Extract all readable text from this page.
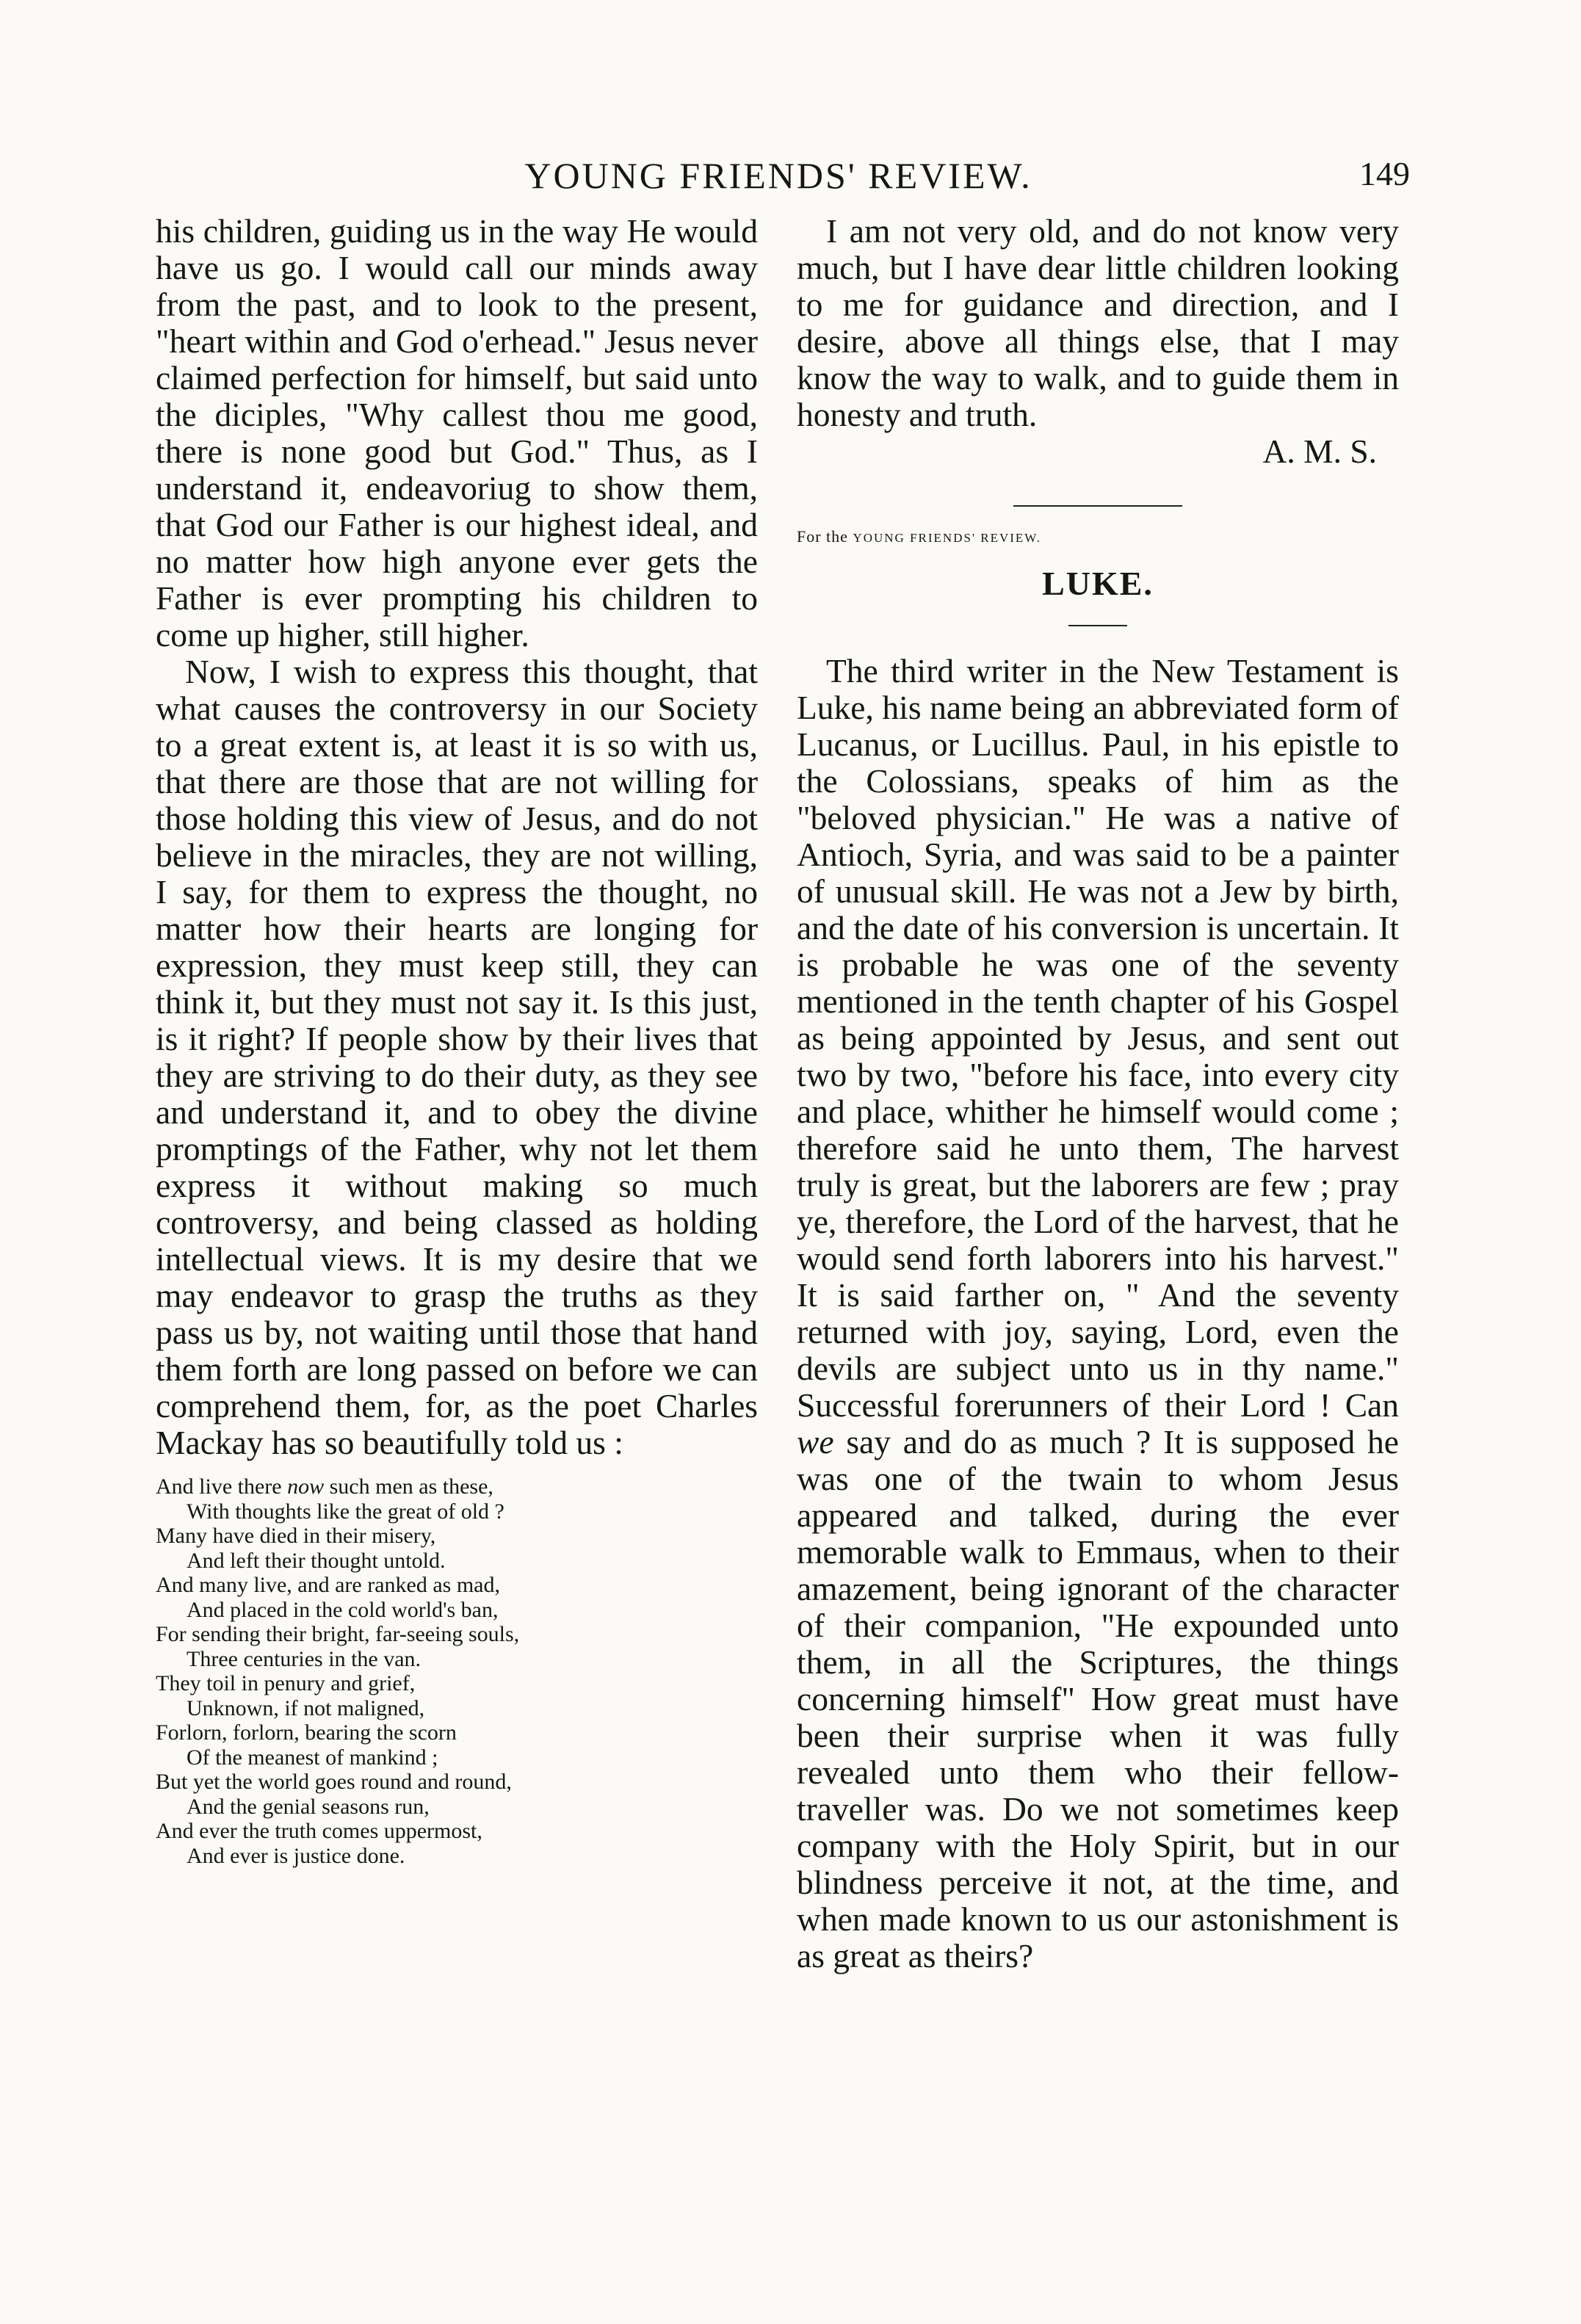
YOUNG FRIENDS' REVIEW.	149

his children, guiding us in the way He would have us go. I would call our minds away from the past, and to look to the present, "heart within and God o'erhead." Jesus never claimed perfection for himself, but said unto the diciples, "Why callest thou me good, there is none good but God." Thus, as I understand it, endeavoriug to show them, that God our Father is our highest ideal, and no matter how high anyone ever gets the Father is ever prompting his children to come up higher, still higher.

Now, I wish to express this thought, that what causes the controversy in our Society to a great extent is, at least it is so with us, that there are those that are not willing for those holding this view of Jesus, and do not believe in the miracles, they are not willing, I say, for them to express the thought, no matter how their hearts are longing for expression, they must keep still, they can think it, but they must not say it. Is this just, is it right? If people show by their lives that they are striving to do their duty, as they see and understand it, and to obey the divine promptings of the Father, why not let them express it without making so much controversy, and being classed as holding intellectual views. It is my desire that we may endeavor to grasp the truths as they pass us by, not waiting until those that hand them forth are long passed on before we can comprehend them, for, as the poet Charles Mackay has so beautifully told us :

And live there now such men as these,
With thoughts like the great of old ?
Many have died in their misery,
And left their thought untold.
And many live, and are ranked as mad,
And placed in the cold world's ban,
For sending their bright, far-seeing souls,
Three centuries in the van.
They toil in penury and grief,
Unknown, if not maligned,
Forlorn, forlorn, bearing the scorn
Of the meanest of mankind ;
But yet the world goes round and round,
And the genial seasons run,
And ever the truth comes uppermost,
And ever is justice done.

I am not very old, and do not know very much, but I have dear little children looking to me for guidance and direction, and I desire, above all things else, that I may know the way to walk, and to guide them in honesty and truth.

A. M. S.

For the YOUNG FRIENDS' REVIEW.

LUKE.

The third writer in the New Testament is Luke, his name being an abbreviated form of Lucanus, or Lucillus. Paul, in his epistle to the Colossians, speaks of him as the "beloved physician." He was a native of Antioch, Syria, and was said to be a painter of unusual skill. He was not a Jew by birth, and the date of his conversion is uncertain. It is probable he was one of the seventy mentioned in the tenth chapter of his Gospel as being appointed by Jesus, and sent out two by two, "before his face, into every city and place, whither he himself would come ; therefore said he unto them, The harvest truly is great, but the laborers are few ; pray ye, therefore, the Lord of the harvest, that he would send forth laborers into his harvest." It is said farther on, " And the seventy returned with joy, saying, Lord, even the devils are subject unto us in thy name." Successful forerunners of their Lord ! Can we say and do as much ? It is supposed he was one of the twain to whom Jesus appeared and talked, during the ever memorable walk to Emmaus, when to their amazement, being ignorant of the character of their companion, "He expounded unto them, in all the Scriptures, the things concerning himself" How great must have been their surprise when it was fully revealed unto them who their fellow-traveller was. Do we not sometimes keep company with the Holy Spirit, but in our blindness perceive it not, at the time, and when made known to us our astonishment is as great as theirs?
